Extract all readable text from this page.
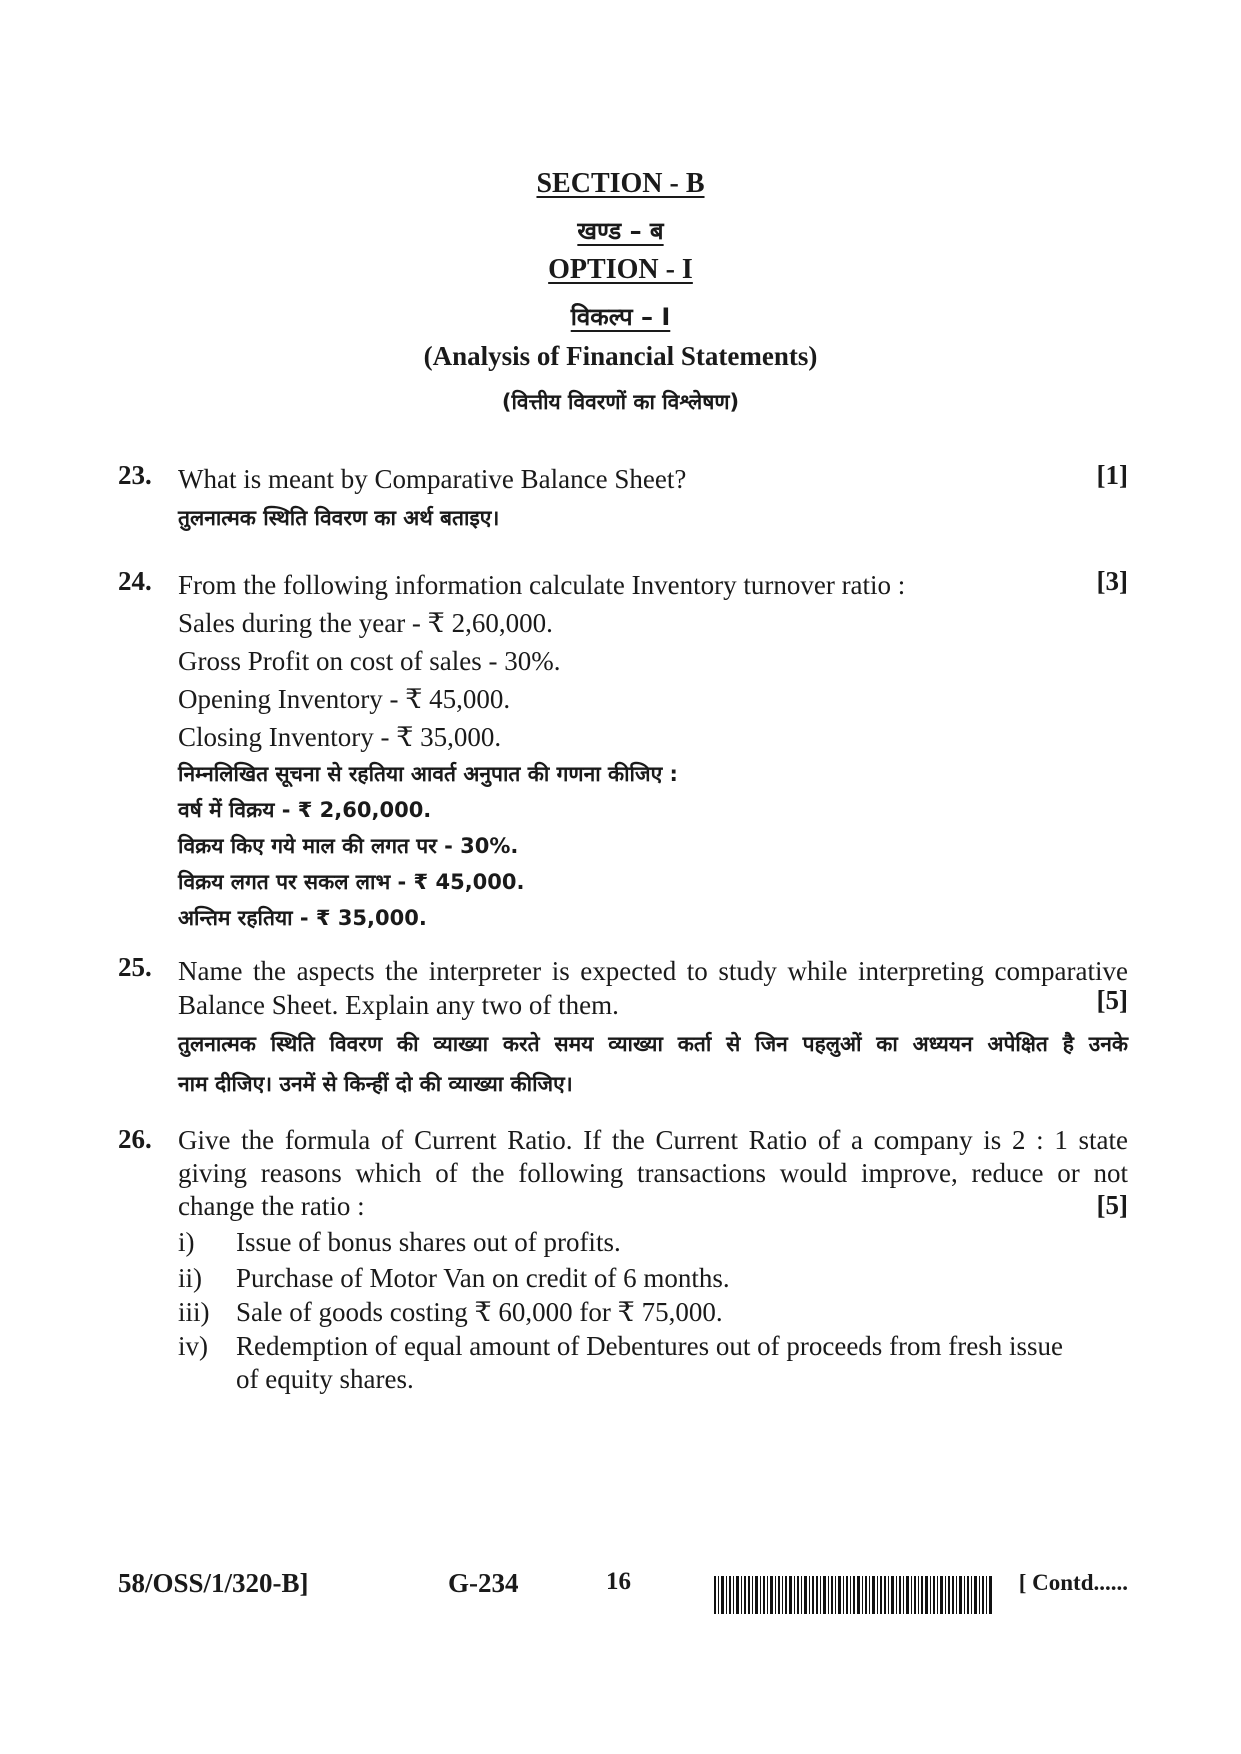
SECTION - B
खण्ड – ब
OPTION - I
विकल्प – I
(Analysis of Financial Statements)
(वित्तीय विवरणों का विश्लेषण)
23.	[1]
What is meant by Comparative Balance Sheet?
तुलनात्मक स्थिति विवरण का अर्थ बताइए।
24.	[3]
From the following information calculate Inventory turnover ratio :
Sales during the year - ₹ 2,60,000.
Gross Profit on cost of sales - 30%.
Opening Inventory - ₹ 45,000.
Closing Inventory - ₹ 35,000.
निम्नलिखित सूचना से रहतिया आवर्त अनुपात की गणना कीजिए :
वर्ष में विक्रय - ₹ 2,60,000.
विक्रय किए गये माल की लगत पर - 30%.
विक्रय लगत पर सकल लाभ - ₹ 45,000.
अन्तिम रहतिया - ₹ 35,000.
25.
[5]
Name the aspects the interpreter is expected to study while interpreting comparative
Balance Sheet. Explain any two of them.
तुलनात्मक स्थिति विवरण की व्याख्या करते समय व्याख्या कर्ता से जिन पहलुओं का अध्ययन अपेक्षित है उनके
नाम दीजिए। उनमें से किन्हीं दो की व्याख्या कीजिए।
26.
[5]
Give the formula of Current Ratio. If the Current Ratio of a company is 2 : 1 state
giving reasons which of the following transactions would improve, reduce or not
change the ratio :
i) Issue of bonus shares out of profits.
ii) Purchase of Motor Van on credit of 6 months.
iii) Sale of goods costing ₹ 60,000 for ₹ 75,000.
iv) Redemption of equal amount of Debentures out of proceeds from fresh issue
of equity shares.
58/OSS/1/320-B]	G-234	16	[ Contd......
